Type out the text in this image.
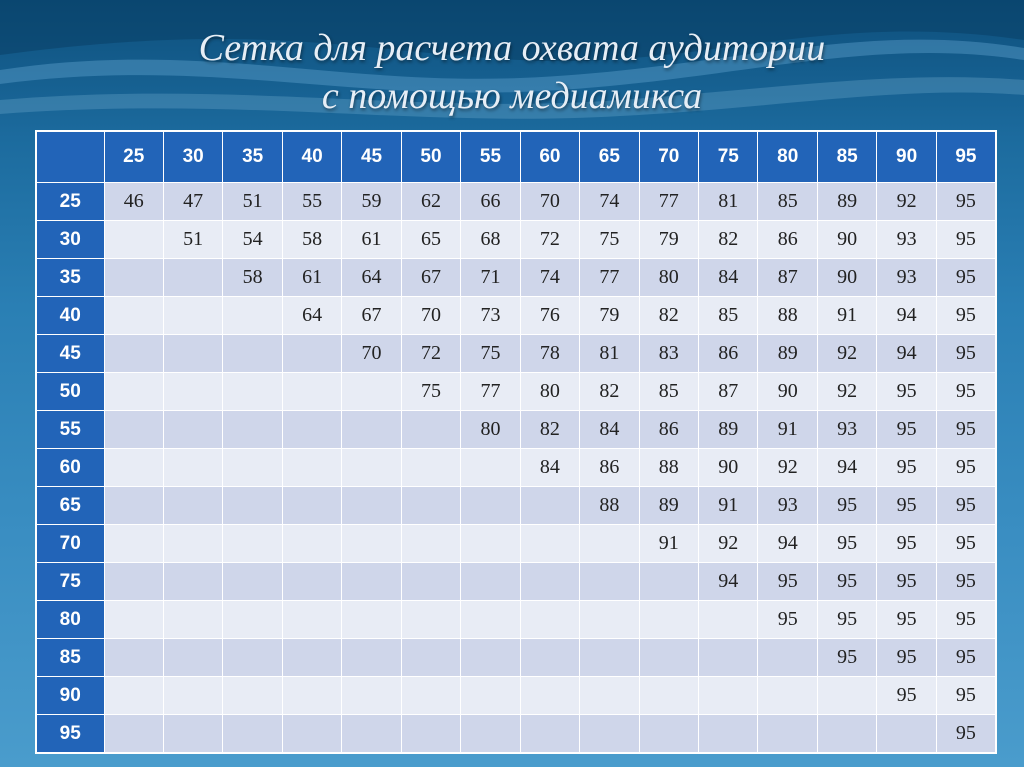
Сетка для расчета охвата аудитории
с помощью медиамикса
	25	30	35	40	45	50	55	60	65	70	75	80	85	90	95
25	46	47	51	55	59	62	66	70	74	77	81	85	89	92	95
30		51	54	58	61	65	68	72	75	79	82	86	90	93	95
35			58	61	64	67	71	74	77	80	84	87	90	93	95
40				64	67	70	73	76	79	82	85	88	91	94	95
45					70	72	75	78	81	83	86	89	92	94	95
50						75	77	80	82	85	87	90	92	95	95
55							80	82	84	86	89	91	93	95	95
60								84	86	88	90	92	94	95	95
65									88	89	91	93	95	95	95
70										91	92	94	95	95	95
75											94	95	95	95	95
80												95	95	95	95
85													95	95	95
90														95	95
95															95
